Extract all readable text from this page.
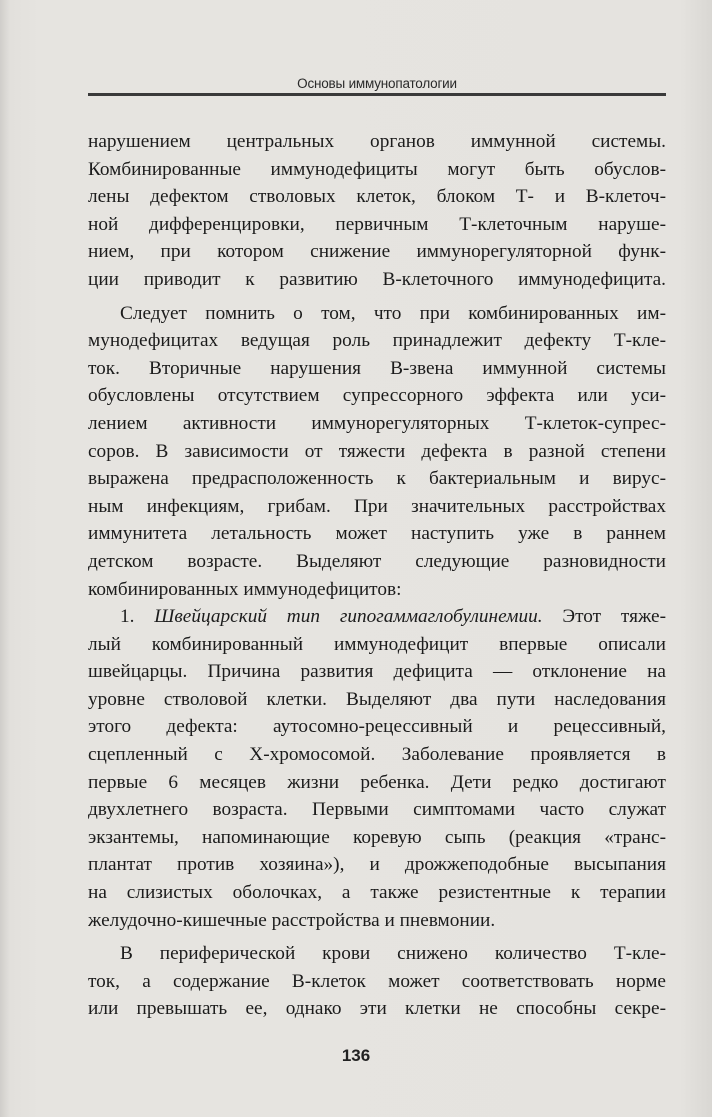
Основы иммунопатологии
нарушением центральных органов иммунной системы.
Комбинированные иммунодефициты могут быть обуслов-
лены дефектом стволовых клеток, блоком Т- и В-клеточ-
ной дифференцировки, первичным Т-клеточным наруше-
нием, при котором снижение иммунорегуляторной функ-
ции приводит к развитию В-клеточного иммунодефицита.
Следует помнить о том, что при комбинированных им-
мунодефицитах ведущая роль принадлежит дефекту Т-кле-
ток. Вторичные нарушения В-звена иммунной системы
обусловлены отсутствием супрессорного эффекта или уси-
лением активности иммунорегуляторных Т-клеток-супрес-
соров. В зависимости от тяжести дефекта в разной степени
выражена предрасположенность к бактериальным и вирус-
ным инфекциям, грибам. При значительных расстройствах
иммунитета летальность может наступить уже в раннем
детском возрасте. Выделяют следующие разновидности
комбинированных иммунодефицитов:
1. Швейцарский тип гипогаммаглобулинемии. Этот тяже-
лый комбинированный иммунодефицит впервые описали
швейцарцы. Причина развития дефицита — отклонение на
уровне стволовой клетки. Выделяют два пути наследования
этого дефекта: аутосомно-рецессивный и рецессивный,
сцепленный с Х-хромосомой. Заболевание проявляется в
первые 6 месяцев жизни ребенка. Дети редко достигают
двухлетнего возраста. Первыми симптомами часто служат
экзантемы, напоминающие коревую сыпь (реакция «транс-
плантат против хозяина»), и дрожжеподобные высыпания
на слизистых оболочках, а также резистентные к терапии
желудочно-кишечные расстройства и пневмонии.
В периферической крови снижено количество Т-кле-
ток, а содержание В-клеток может соответствовать норме
или превышать ее, однако эти клетки не способны секре-
136
